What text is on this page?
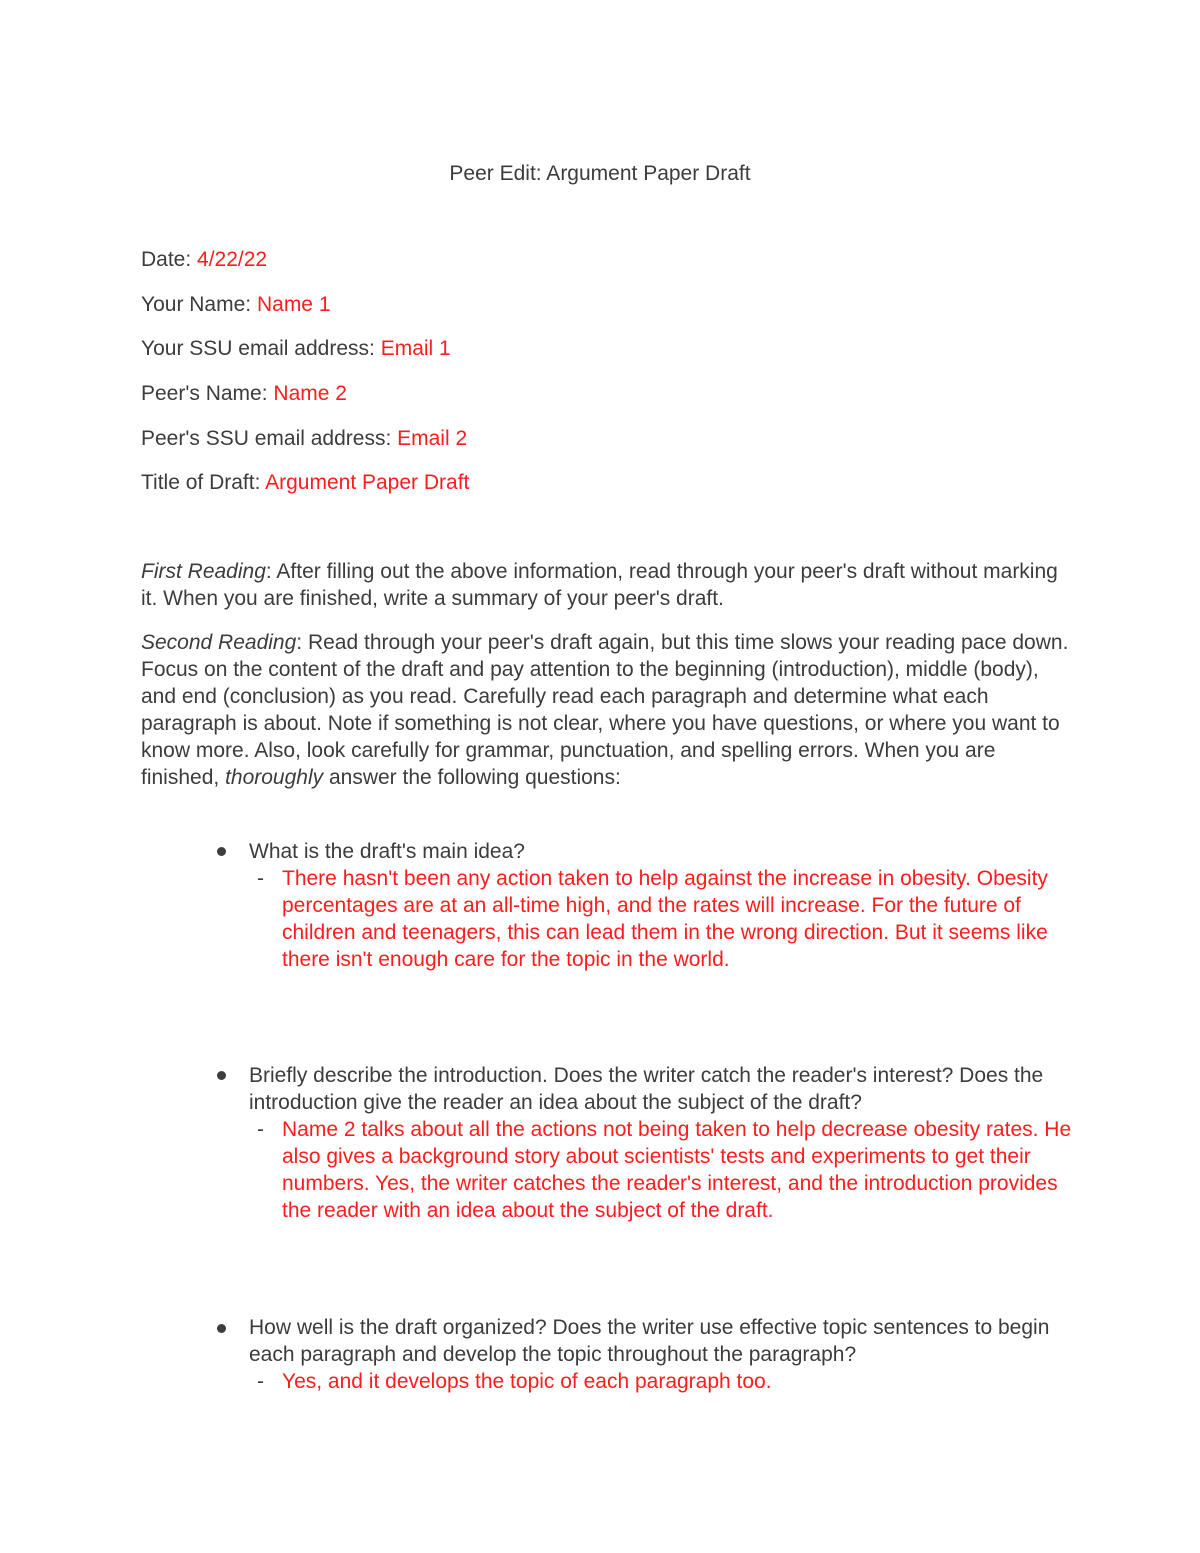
Peer Edit: Argument Paper Draft
Date: 4/22/22
Your Name: Name 1
Your SSU email address: Email 1
Peer's Name: Name 2
Peer's SSU email address: Email 2
Title of Draft: Argument Paper Draft
First Reading: After filling out the above information, read through your peer's draft without marking it. When you are finished, write a summary of your peer's draft.
Second Reading: Read through your peer's draft again, but this time slows your reading pace down. Focus on the content of the draft and pay attention to the beginning (introduction), middle (body), and end (conclusion) as you read. Carefully read each paragraph and determine what each paragraph is about. Note if something is not clear, where you have questions, or where you want to know more. Also, look carefully for grammar, punctuation, and spelling errors. When you are finished, thoroughly answer the following questions:
What is the draft's main idea?
- There hasn't been any action taken to help against the increase in obesity. Obesity percentages are at an all-time high, and the rates will increase. For the future of children and teenagers, this can lead them in the wrong direction. But it seems like there isn't enough care for the topic in the world.
Briefly describe the introduction. Does the writer catch the reader's interest? Does the introduction give the reader an idea about the subject of the draft?
- Name 2 talks about all the actions not being taken to help decrease obesity rates. He also gives a background story about scientists' tests and experiments to get their numbers. Yes, the writer catches the reader's interest, and the introduction provides the reader with an idea about the subject of the draft.
How well is the draft organized? Does the writer use effective topic sentences to begin each paragraph and develop the topic throughout the paragraph?
- Yes, and it develops the topic of each paragraph too.
